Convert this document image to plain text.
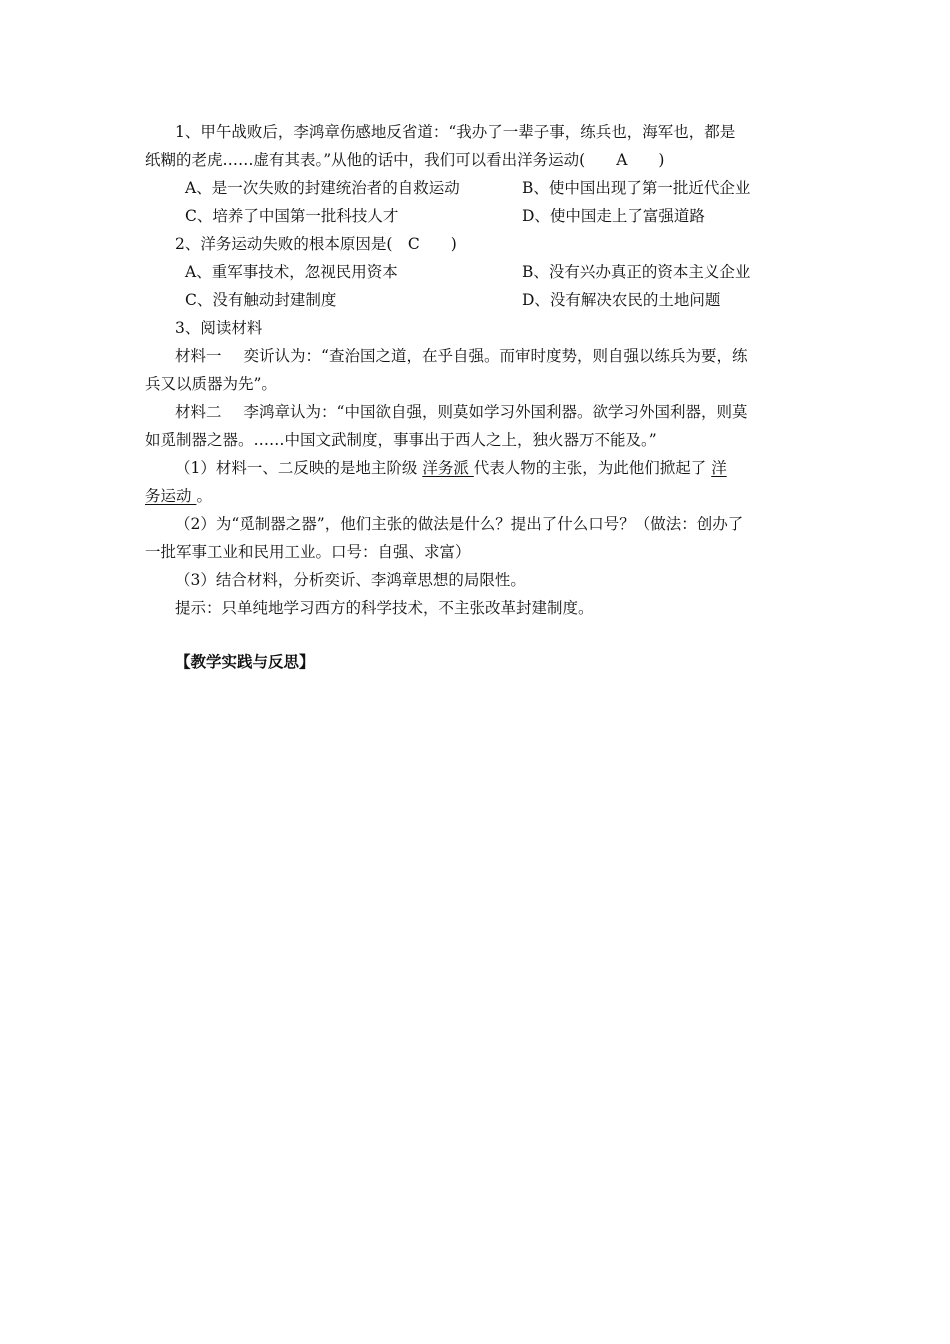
1、甲午战败后，李鸿章伤感地反省道：“我办了一辈子事，练兵也，海军也，都是
纸糊的老虎……虚有其表。”从他的话中，我们可以看出洋务运动(　　A　　)
A、是一次失败的封建统治者的自救运动	B、使中国出现了第一批近代企业
C、培养了中国第一批科技人才	D、使中国走上了富强道路
2、洋务运动失败的根本原因是(　C　　)
A、重军事技术，忽视民用资本	B、没有兴办真正的资本主义企业
C、没有触动封建制度	D、没有解决农民的土地问题
3、阅读材料
材料一 奕䜣认为：“查治国之道，在乎自强。而审时度势，则自强以练兵为要，练
兵又以质器为先”。
材料二 李鸿章认为：“中国欲自强，则莫如学习外国利器。欲学习外国利器，则莫
如觅制器之器。……中国文武制度，事事出于西人之上，独火器万不能及。”
（1）材料一、二反映的是地主阶级 洋务派 代表人物的主张，为此他们掀起了 洋
务运动 。
（2）为“觅制器之器”，他们主张的做法是什么？提出了什么口号？（做法：创办了
一批军事工业和民用工业。口号：自强、求富）
（3）结合材料，分析奕䜣、李鸿章思想的局限性。
提示：只单纯地学习西方的科学技术，不主张改革封建制度。
【教学实践与反思】
